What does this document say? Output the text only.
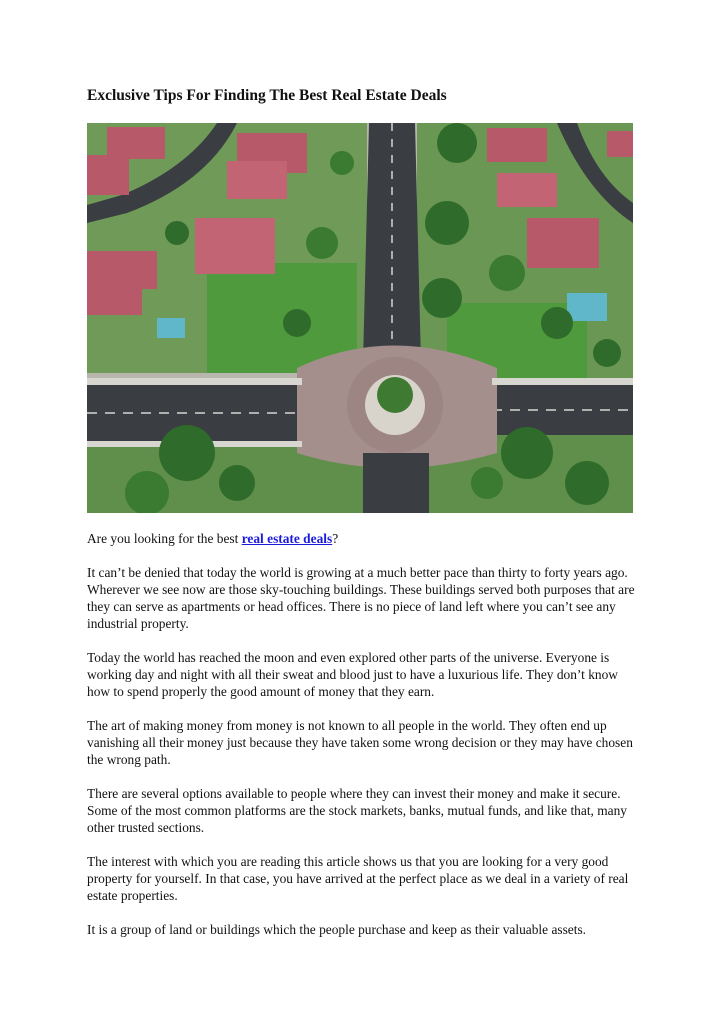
Exclusive Tips For Finding The Best Real Estate Deals

Are you looking for the best real estate deals?

It can’t be denied that today the world is growing at a much better pace than thirty to forty years ago. Wherever we see now are those sky-touching buildings. These buildings served both purposes that are they can serve as apartments or head offices. There is no piece of land left where you can’t see any industrial property.

Today the world has reached the moon and even explored other parts of the universe. Everyone is working day and night with all their sweat and blood just to have a luxurious life. They don’t know how to spend properly the good amount of money that they earn.

The art of making money from money is not known to all people in the world. They often end up vanishing all their money just because they have taken some wrong decision or they may have chosen the wrong path.

There are several options available to people where they can invest their money and make it secure. Some of the most common platforms are the stock markets, banks, mutual funds, and like that, many other trusted sections.

The interest with which you are reading this article shows us that you are looking for a very good property for yourself. In that case, you have arrived at the perfect place as we deal in a variety of real estate properties.

It is a group of land or buildings which the people purchase and keep as their valuable assets.
